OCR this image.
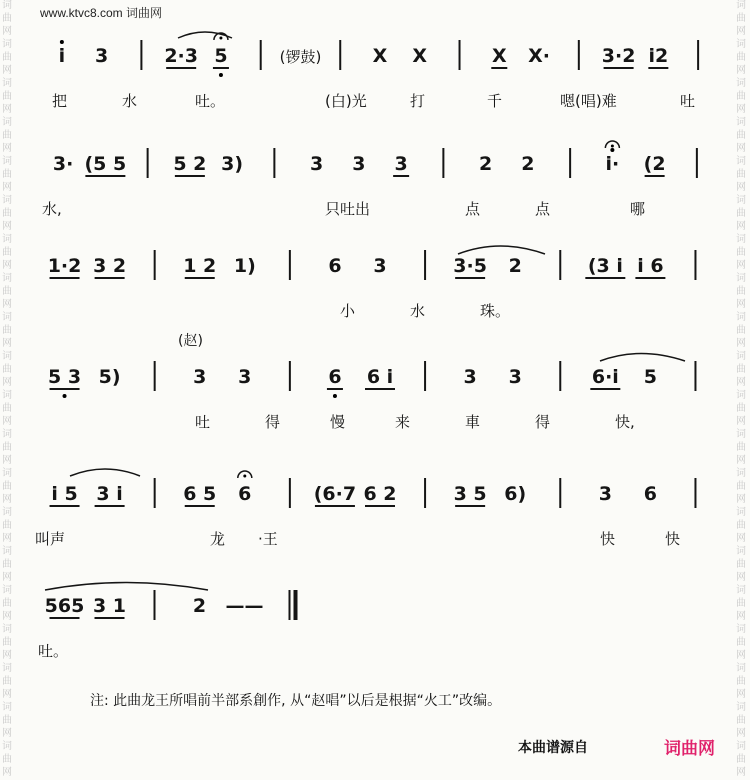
词
曲
网
词
曲
网
词
曲
网
词
曲
网
词
曲
网
词
曲
网
词
曲
网
词
曲
网
词
曲
网
词
曲
网
词
曲
网
词
曲
网
词
曲
网
词
曲
网
词
曲
网
词
曲
网
词
曲
网
词
曲
网
词
曲
网
词
曲
网
词
曲
网
词
曲
网
词
曲
网
词
曲
网
词
曲
网
词
曲
网
词
曲
网
词
曲
网
词
曲
网
词
曲
网
词
曲
网
词
曲
网
词
曲
网
词
曲
网
词
曲
网
词
曲
网
词
曲
网
词
曲
网
词
曲
网
词
曲
网
www.ktvc8.com 词曲网
i 3	2·3 5	(锣鼓)	X X	X X·	3·2 i2
把	水	吐。	(白)光	打	千	嗯(唱)难	吐
3· (5 5 5 2 3)	3 3 3	2 2	i· (2
水,	只吐出	点	点	哪
1·2 3 2	1 2 1)	6 3	3·5 2	(3 i i 6
小	水	珠。
5 3 5)	3 3	6 6 i	3 3	6·i 5
(赵)
吐	得	慢	来	車	得	快,
i 5 3 i	6 5 6	(6·7 6 2	3 5 6)	3 6
叫声	龙 ·王	快	快
565 3 1	2 ——
吐。
注: 此曲龙王所唱前半部系創作, 从“赵唱”以后是根据“火工”改编。
本曲谱源自	词曲网
